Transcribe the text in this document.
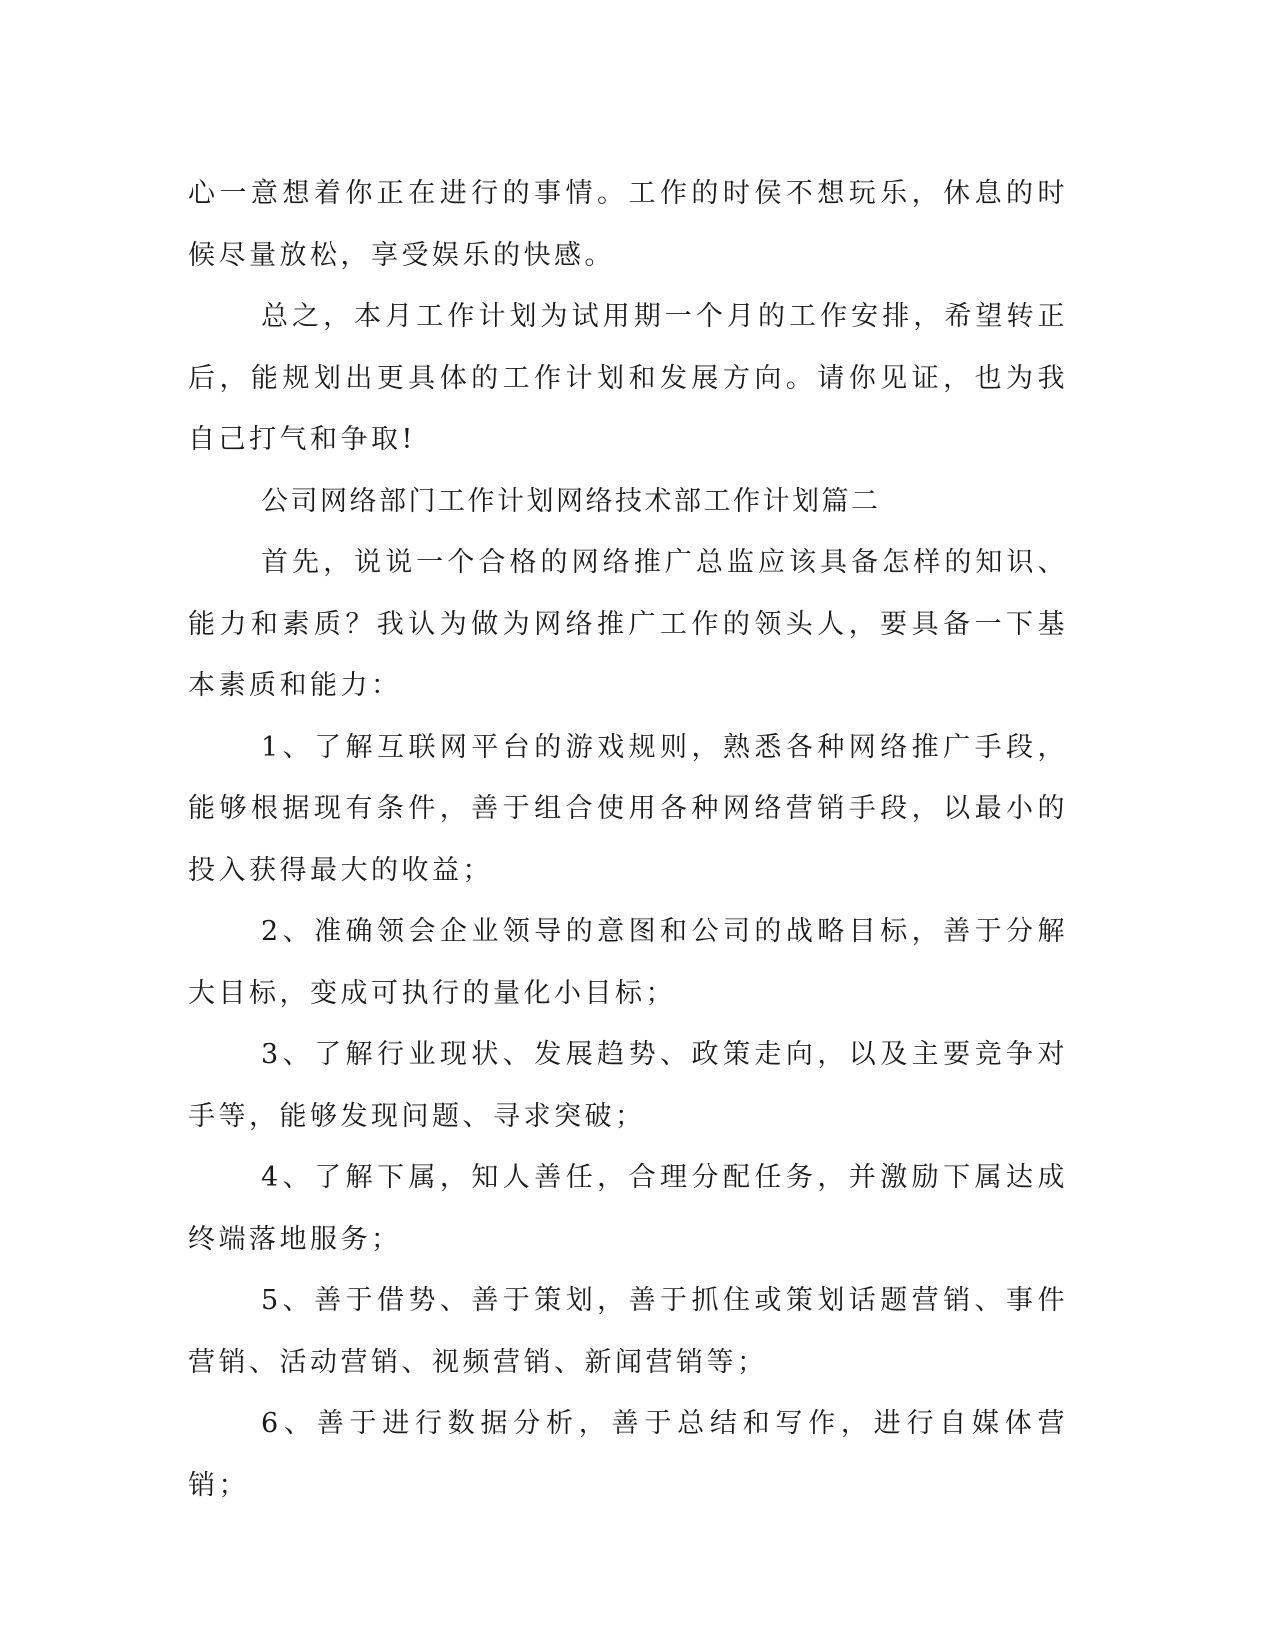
心一意想着你正在进行的事情。工作的时侯不想玩乐，休息的时候尽量放松，享受娱乐的快感。

总之，本月工作计划为试用期一个月的工作安排，希望转正后，能规划出更具体的工作计划和发展方向。请你见证，也为我自己打气和争取!

公司网络部门工作计划网络技术部工作计划篇二

首先，说说一个合格的网络推广总监应该具备怎样的知识、能力和素质？我认为做为网络推广工作的领头人，要具备一下基本素质和能力：

1、了解互联网平台的游戏规则，熟悉各种网络推广手段，能够根据现有条件，善于组合使用各种网络营销手段，以最小的投入获得最大的收益；

2、准确领会企业领导的意图和公司的战略目标，善于分解大目标，变成可执行的量化小目标；

3、了解行业现状、发展趋势、政策走向，以及主要竞争对手等，能够发现问题、寻求突破；

4、了解下属，知人善任，合理分配任务，并激励下属达成终端落地服务；

5、善于借势、善于策划，善于抓住或策划话题营销、事件营销、活动营销、视频营销、新闻营销等；

6、善于进行数据分析，善于总结和写作，进行自媒体营销；
